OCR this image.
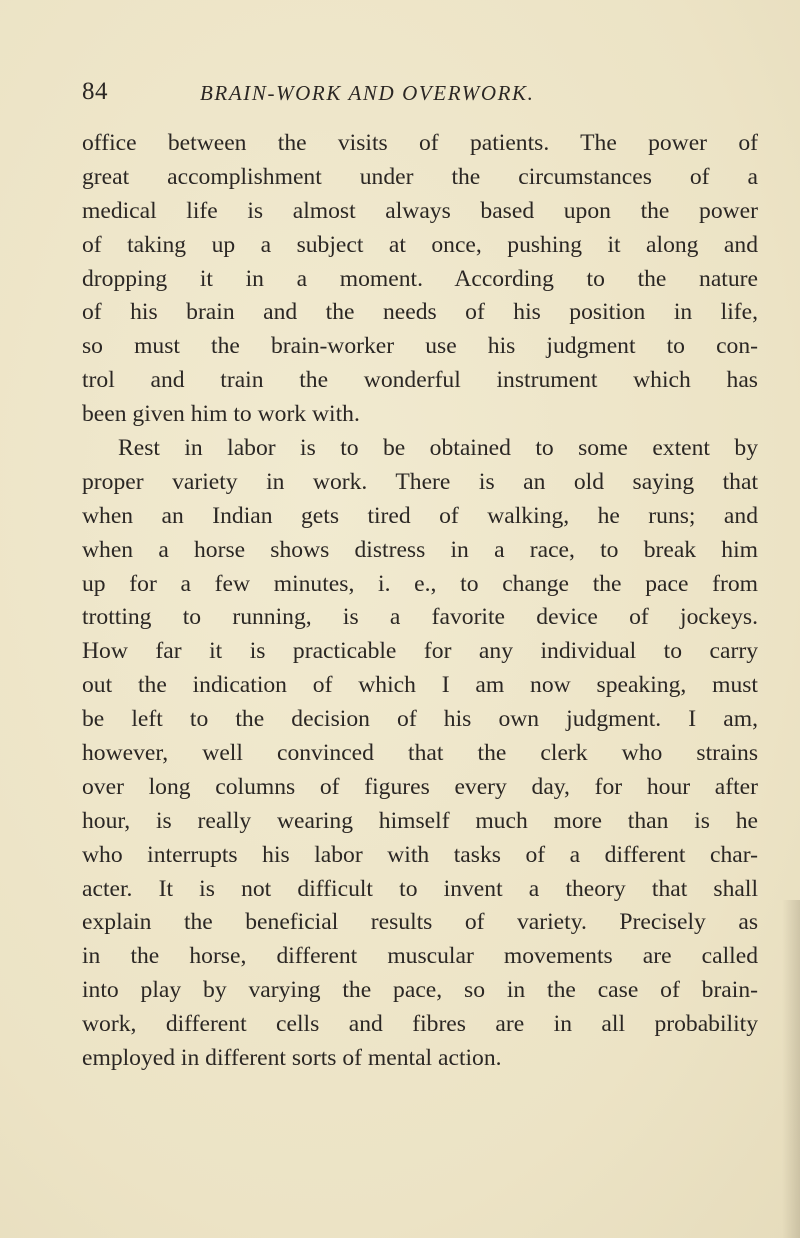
84	BRAIN-WORK AND OVERWORK.
office between the visits of patients. The power of
great accomplishment under the circumstances of a
medical life is almost always based upon the power
of taking up a subject at once, pushing it along and
dropping it in a moment. According to the nature
of his brain and the needs of his position in life,
so must the brain-worker use his judgment to con-
trol and train the wonderful instrument which has
been given him to work with.
Rest in labor is to be obtained to some extent by
proper variety in work. There is an old saying that
when an Indian gets tired of walking, he runs; and
when a horse shows distress in a race, to break him
up for a few minutes, i. e., to change the pace from
trotting to running, is a favorite device of jockeys.
How far it is practicable for any individual to carry
out the indication of which I am now speaking, must
be left to the decision of his own judgment. I am,
however, well convinced that the clerk who strains
over long columns of figures every day, for hour after
hour, is really wearing himself much more than is he
who interrupts his labor with tasks of a different char-
acter. It is not difficult to invent a theory that shall
explain the beneficial results of variety. Precisely as
in the horse, different muscular movements are called
into play by varying the pace, so in the case of brain-
work, different cells and fibres are in all probability
employed in different sorts of mental action.
